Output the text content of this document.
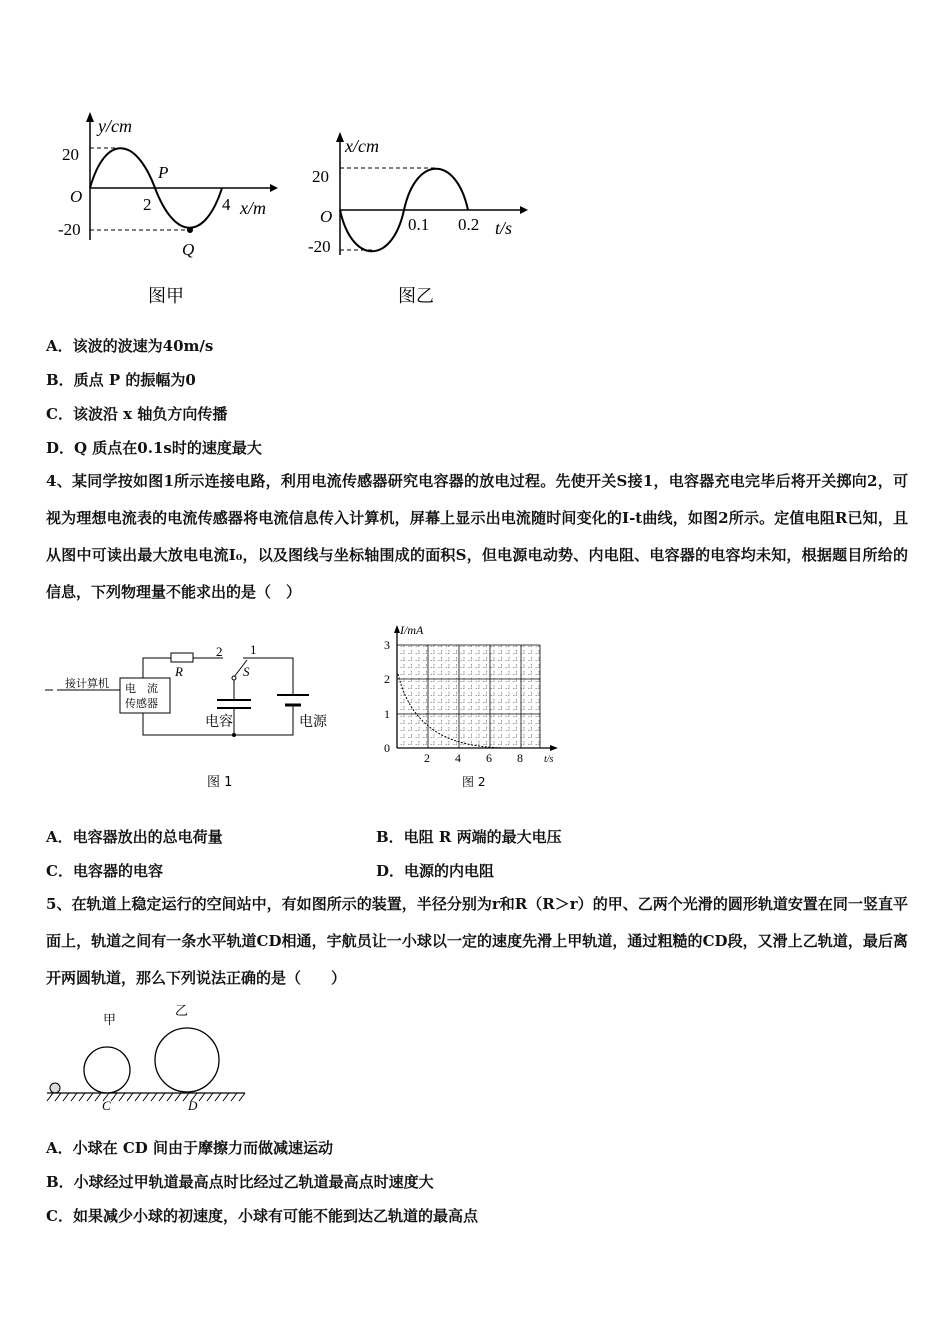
y/cm
20
-20
O	2	4 x/m
P
Q
图甲
x/cm
20
-20
O	0.1 0.2 t/s
图乙
A．该波的波速为40m/s
B．质点 P 的振幅为0
C．该波沿 x 轴负方向传播
D．Q 质点在0.1s时的速度最大
4、某同学按如图1所示连接电路，利用电流传感器研究电容器的放电过程。先使开关S接1，电容器充电完毕后将开关掷向2，可视为理想电流表的电流传感器将电流信息传入计算机，屏幕上显示出电流随时间变化的I-t曲线，如图2所示。定值电阻R已知，且从图中可读出最大放电电流I₀，以及图线与坐标轴围成的面积S，但电源电动势、内电阻、电容器的电容均未知，根据题目所给的信息，下列物理量不能求出的是（　）
接计算机 电　流
传感器
R
2 1
S
电容	电源
图 1
I/mA
0
1
2
3
2 4 6 8 t/s
图 2
A．电容器放出的总电荷量	B．电阻 R 两端的最大电压
C．电容器的电容	D．电源的内电阻
5、在轨道上稳定运行的空间站中，有如图所示的装置，半径分别为r和R（R＞r）的甲、乙两个光滑的圆形轨道安置在同一竖直平面上，轨道之间有一条水平轨道CD相通，宇航员让一小球以一定的速度先滑上甲轨道，通过粗糙的CD段，又滑上乙轨道，最后离开两圆轨道，那么下列说法正确的是（　　）
甲
乙
C	D
A．小球在 CD 间由于摩擦力而做减速运动
B．小球经过甲轨道最高点时比经过乙轨道最高点时速度大
C．如果减少小球的初速度，小球有可能不能到达乙轨道的最高点
